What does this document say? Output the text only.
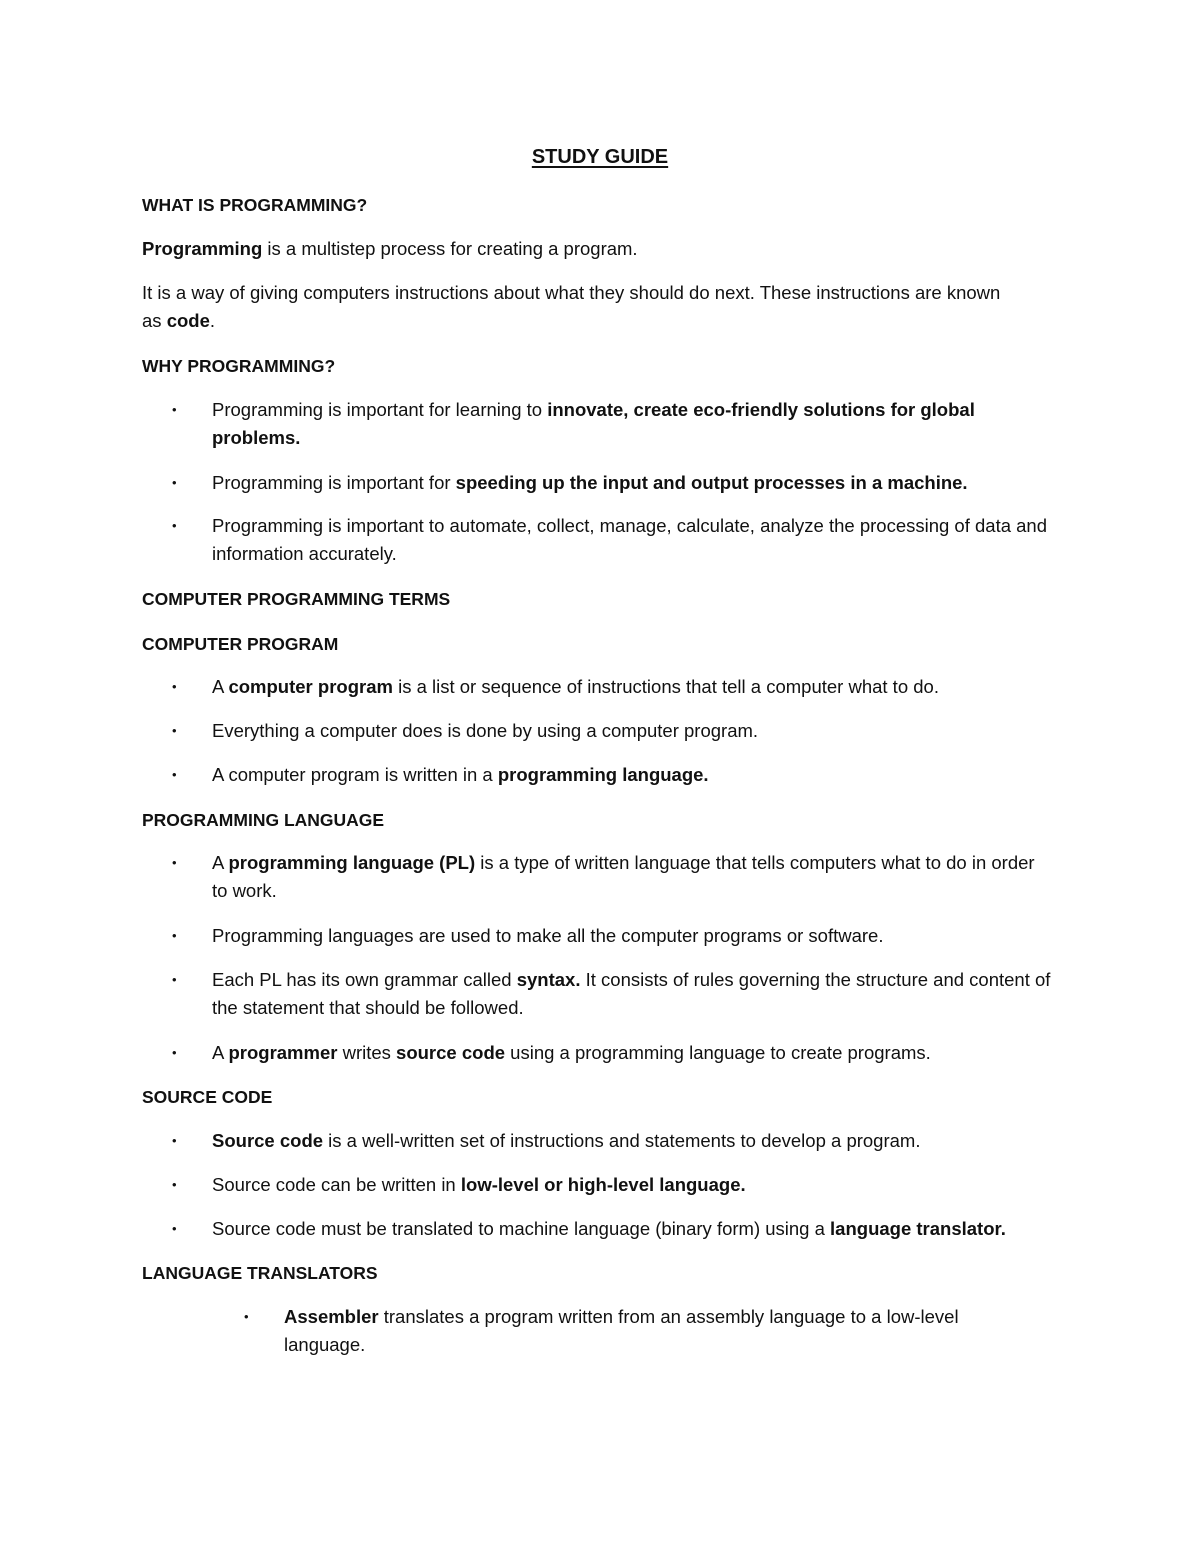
STUDY GUIDE
WHAT IS PROGRAMMING?
Programming is a multistep process for creating a program.
It is a way of giving computers instructions about what they should do next. These instructions are known as code.
WHY PROGRAMMING?
•	Programming is important for learning to innovate, create eco-friendly solutions for global problems.
•	Programming is important for speeding up the input and output processes in a machine.
•	Programming is important to automate, collect, manage, calculate, analyze the processing of data and information accurately.
COMPUTER PROGRAMMING TERMS
COMPUTER PROGRAM
•	A computer program is a list or sequence of instructions that tell a computer what to do.
•	Everything a computer does is done by using a computer program.
•	A computer program is written in a programming language.
PROGRAMMING LANGUAGE
•	A programming language (PL) is a type of written language that tells computers what to do in order to work.
•	Programming languages are used to make all the computer programs or software.
•	Each PL has its own grammar called syntax. It consists of rules governing the structure and content of the statement that should be followed.
•	A programmer writes source code using a programming language to create programs.
SOURCE CODE
•	Source code is a well-written set of instructions and statements to develop a program.
•	Source code can be written in low-level or high-level language.
•	Source code must be translated to machine language (binary form) using a language translator.
LANGUAGE TRANSLATORS
•	Assembler translates a program written from an assembly language to a low-level language.
